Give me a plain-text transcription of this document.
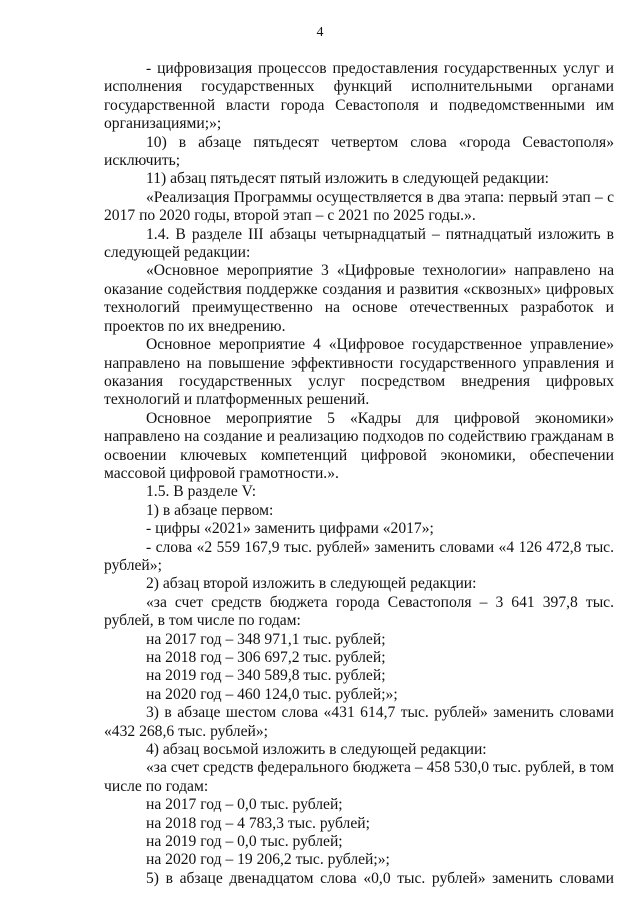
4

- цифровизация процессов предоставления государственных услуг и исполнения государственных функций исполнительными органами государственной власти города Севастополя и подведомственными им организациями;»;

10) в абзаце пятьдесят четвертом слова «города Севастополя» исключить;

11) абзац пятьдесят пятый изложить в следующей редакции:

«Реализация Программы осуществляется в два этапа: первый этап – с 2017 по 2020 годы, второй этап – с 2021 по 2025 годы.».

1.4. В разделе III абзацы четырнадцатый – пятнадцатый изложить в следующей редакции:

«Основное мероприятие 3 «Цифровые технологии» направлено на оказание содействия поддержке создания и развития «сквозных» цифровых технологий преимущественно на основе отечественных разработок и проектов по их внедрению.

Основное мероприятие 4 «Цифровое государственное управление» направлено на повышение эффективности государственного управления и оказания государственных услуг посредством внедрения цифровых технологий и платформенных решений.

Основное мероприятие 5 «Кадры для цифровой экономики» направлено на создание и реализацию подходов по содействию гражданам в освоении ключевых компетенций цифровой экономики, обеспечении массовой цифровой грамотности.».

1.5. В разделе V:

1) в абзаце первом:

- цифры «2021» заменить цифрами «2017»;

- слова «2 559 167,9 тыс. рублей» заменить словами «4 126 472,8 тыс. рублей»;

2) абзац второй изложить в следующей редакции:

«за счет средств бюджета города Севастополя – 3 641 397,8 тыс. рублей, в том числе по годам:

на 2017 год – 348 971,1 тыс. рублей;

на 2018 год – 306 697,2 тыс. рублей;

на 2019 год – 340 589,8 тыс. рублей;

на 2020 год – 460 124,0 тыс. рублей;»;

3) в абзаце шестом слова «431 614,7 тыс. рублей» заменить словами «432 268,6 тыс. рублей»;

4) абзац восьмой изложить в следующей редакции:

«за счет средств федерального бюджета – 458 530,0 тыс. рублей, в том числе по годам:

на 2017 год – 0,0 тыс. рублей;

на 2018 год – 4 783,3 тыс. рублей;

на 2019 год – 0,0 тыс. рублей;

на 2020 год – 19 206,2 тыс. рублей;»;

5) в абзаце двенадцатом слова «0,0 тыс. рублей» заменить словами
